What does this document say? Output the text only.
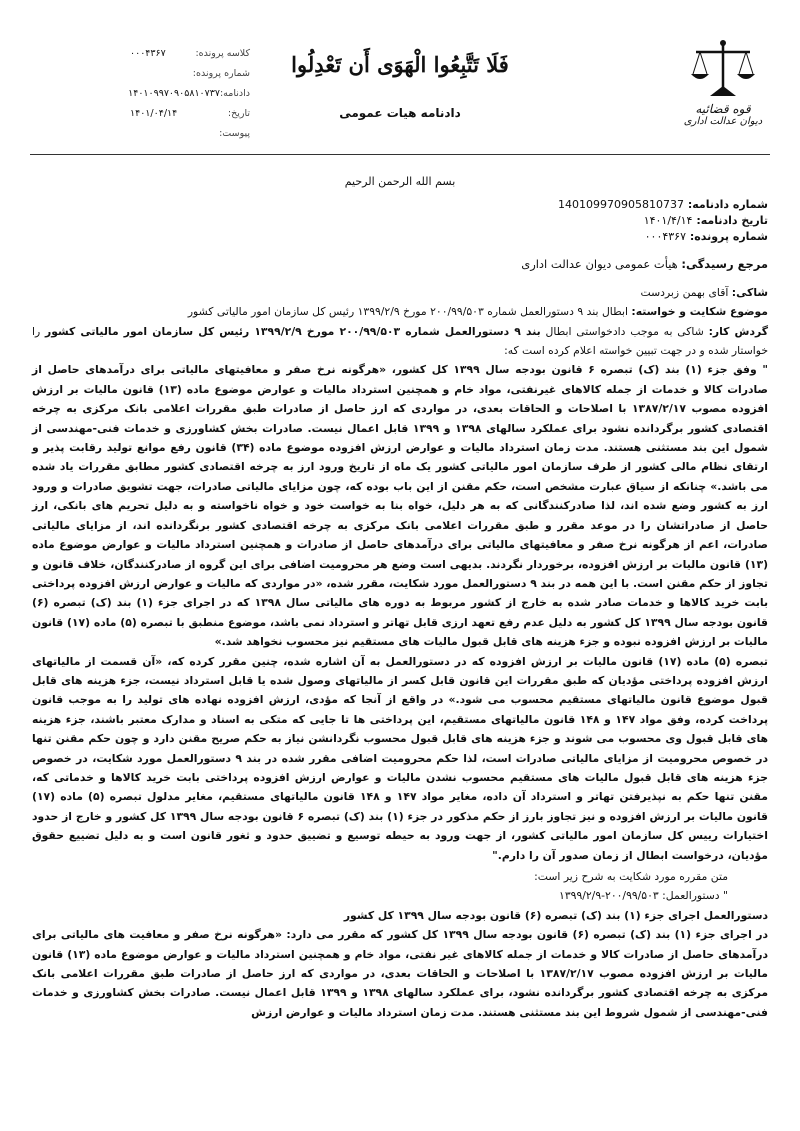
قوه قضائیه
دیوان عدالت اداری
فَلَا تَتَّبِعُوا الْهَوَى أَن تَعْدِلُوا
دادنامه هیات عمومی
کلاسه پرونده:
۰۰۰۴۳۶۷
شماره پرونده:
دادنامه:
۱۴۰۱۰۹۹۷۰۹۰۵۸۱۰۷۳۷
تاریخ:
۱۴۰۱/۰۴/۱۴
پیوست:
بسم الله الرحمن الرحیم
شماره دادنامه: 140109970905810737
تاریخ دادنامه: ۱۴۰۱/۴/۱۴
شماره پرونده: ۰۰۰۴۳۶۷
مرجع رسیدگی: هیأت عمومی دیوان عدالت اداری
شاکی: آقای بهمن زبردست
موضوع شکایت و خواسته: ابطال بند ۹ دستورالعمل شماره ۲۰۰/۹۹/۵۰۳ مورخ ۱۳۹۹/۲/۹ رئیس کل سازمان امور مالیاتی کشور

گردش کار: شاکی به موجب دادخواستی ابطال بند ۹ دستورالعمل شماره ۲۰۰/۹۹/۵۰۳ مورخ ۱۳۹۹/۲/۹ رئیس کل سازمان امور مالیاتی کشور را خواستار شده و در جهت تبیین خواسته اعلام کرده است که:

" وفق جزء (۱) بند (ک) تبصره ۶ قانون بودجه سال ۱۳۹۹ کل کشور، «هرگونه نرخ صفر و معافیتهای مالیاتی برای درآمدهای حاصل از صادرات کالا و خدمات از جمله کالاهای غیرنفتی، مواد خام و همچنین استرداد مالیات و عوارض موضوع ماده (۱۳) قانون مالیات بر ارزش افزوده مصوب ۱۳۸۷/۲/۱۷ با اصلاحات و الحاقات بعدی، در مواردی که ارز حاصل از صادرات طبق مقررات اعلامی بانک مرکزی به چرخه اقتصادی کشور برگردانده نشود برای عملکرد سالهای ۱۳۹۸ و ۱۳۹۹ قابل اعمال نیست. صادرات بخش کشاورزی و خدمات فنی-مهندسی از شمول این بند مستثنی هستند. مدت زمان استرداد مالیات و عوارض ارزش افزوده موضوع ماده (۳۴) قانون رفع موانع تولید رقابت پذیر و ارتقای نظام مالی کشور از طرف سازمان امور مالیاتی کشور یک ماه از تاریخ ورود ارز به چرخه اقتصادی کشور مطابق مقررات یاد شده می باشد.» چنانکه از سیاق عبارت مشخص است، حکم مقنن از این باب بوده که، چون مزایای مالیاتی صادرات، جهت تشویق صادرات و ورود ارز به کشور وضع شده اند، لذا صادرکنندگانی که به هر دلیل، خواه بنا به خواست خود و خواه ناخواسته و به دلیل تحریم های بانکی، ارز حاصل از صادراتشان را در موعد مقرر و طبق مقررات اعلامی بانک مرکزی به چرخه اقتصادی کشور برنگردانده اند، از مزایای مالیاتی صادرات، اعم از هرگونه نرخ صفر و معافیتهای مالیاتی برای درآمدهای حاصل از صادرات و همچنین استرداد مالیات و عوارض موضوع ماده (۱۳) قانون مالیات بر ارزش افزوده، برخوردار نگردند. بدیهی است وضع هر محرومیت اضافی برای این گروه از صادرکنندگان، خلاف قانون و تجاوز از حکم مقنن است. با این همه در بند ۹ دستورالعمل مورد شکایت، مقرر شده، «در مواردی که مالیات و عوارض ارزش افزوده پرداختی بابت خرید کالاها و خدمات صادر شده به خارج از کشور مربوط به دوره های مالیاتی سال ۱۳۹۸ که در اجرای جزء (۱) بند (ک) تبصره (۶) قانون بودجه سال ۱۳۹۹ کل کشور به دلیل عدم رفع تعهد ارزی قابل تهاتر و استرداد نمی باشد، موضوع منطبق با تبصره (۵) ماده (۱۷) قانون مالیات بر ارزش افزوده نبوده و جزء هزینه های قابل قبول مالیات های مستقیم نیز محسوب نخواهد شد.»

تبصره (۵) ماده (۱۷) قانون مالیات بر ارزش افزوده که در دستورالعمل به آن اشاره شده، چنین مقرر کرده که، «آن قسمت از مالیاتهای ارزش افزوده پرداختی مؤدیان که طبق مقررات این قانون قابل کسر از مالیاتهای وصول شده یا قابل استرداد نیست، جزء هزینه های قابل قبول موضوع قانون مالیاتهای مستقیم محسوب می شود.» در واقع از آنجا که مؤدی، ارزش افزوده نهاده های تولید را به موجب قانون پرداخت کرده، وفق مواد ۱۴۷ و ۱۴۸ قانون مالیاتهای مستقیم، این پرداختی ها تا جایی که متکی به اسناد و مدارک معتبر باشند، جزء هزینه های قابل قبول وی محسوب می شوند و جزء هزینه های قابل قبول محسوب نگردانشن نیاز به حکم صریح مقنن دارد و چون حکم مقنن تنها در خصوص محرومیت از مزایای مالیاتی صادرات است، لذا حکم محرومیت اضافی مقرر شده در بند ۹ دستورالعمل مورد شکایت، در خصوص جزء هزینه های قابل قبول مالیات های مستقیم محسوب نشدن مالیات و عوارض ارزش افزوده پرداختی بابت خرید کالاها و خدماتی که، مقنن تنها حکم به نپذیرفتن تهاتر و استرداد آن داده، مغایر مواد ۱۴۷ و ۱۴۸ قانون مالیاتهای مستقیم، مغایر مدلول تبصره (۵) ماده (۱۷) قانون مالیات بر ارزش افزوده و نیز تجاوز بارز از حکم مذکور در جزء (۱) بند (ک) تبصره ۶ قانون بودجه سال ۱۳۹۹ کل کشور و خارج از حدود اختیارات رییس کل سازمان امور مالیاتی کشور، از جهت ورود به حیطه توسیع و تضییق حدود و ثغور قانون است و به دلیل تضییع حقوق مؤدیان، درخواست ابطال از زمان صدور آن را دارم."

متن مقرره مورد شکایت به شرح زیر است:

" دستورالعمل: ۲۰۰/۹۹/۵۰۳-۱۳۹۹/۲/۹

دستورالعمل اجرای جزء (۱) بند (ک) تبصره (۶) قانون بودجه سال ۱۳۹۹ کل کشور

در اجرای جزء (۱) بند (ک) تبصره (۶) قانون بودجه سال ۱۳۹۹ کل کشور که مقرر می دارد: «هرگونه نرخ صفر و معافیت های مالیاتی برای درآمدهای حاصل از صادرات کالا و خدمات از جمله کالاهای غیر نفتی، مواد خام و همچنین استرداد مالیات و عوارض موضوع ماده (۱۳) قانون مالیات بر ارزش افزوده مصوب ۱۳۸۷/۲/۱۷ با اصلاحات و الحاقات بعدی، در مواردی که ارز حاصل از صادرات طبق مقررات اعلامی بانک مرکزی به چرخه اقتصادی کشور برگردانده نشود، برای عملکرد سالهای ۱۳۹۸ و ۱۳۹۹ قابل اعمال نیست. صادرات بخش کشاورزی و خدمات فنی-مهندسی از شمول شروط این بند مستثنی هستند. مدت زمان استرداد مالیات و عوارض ارزش
